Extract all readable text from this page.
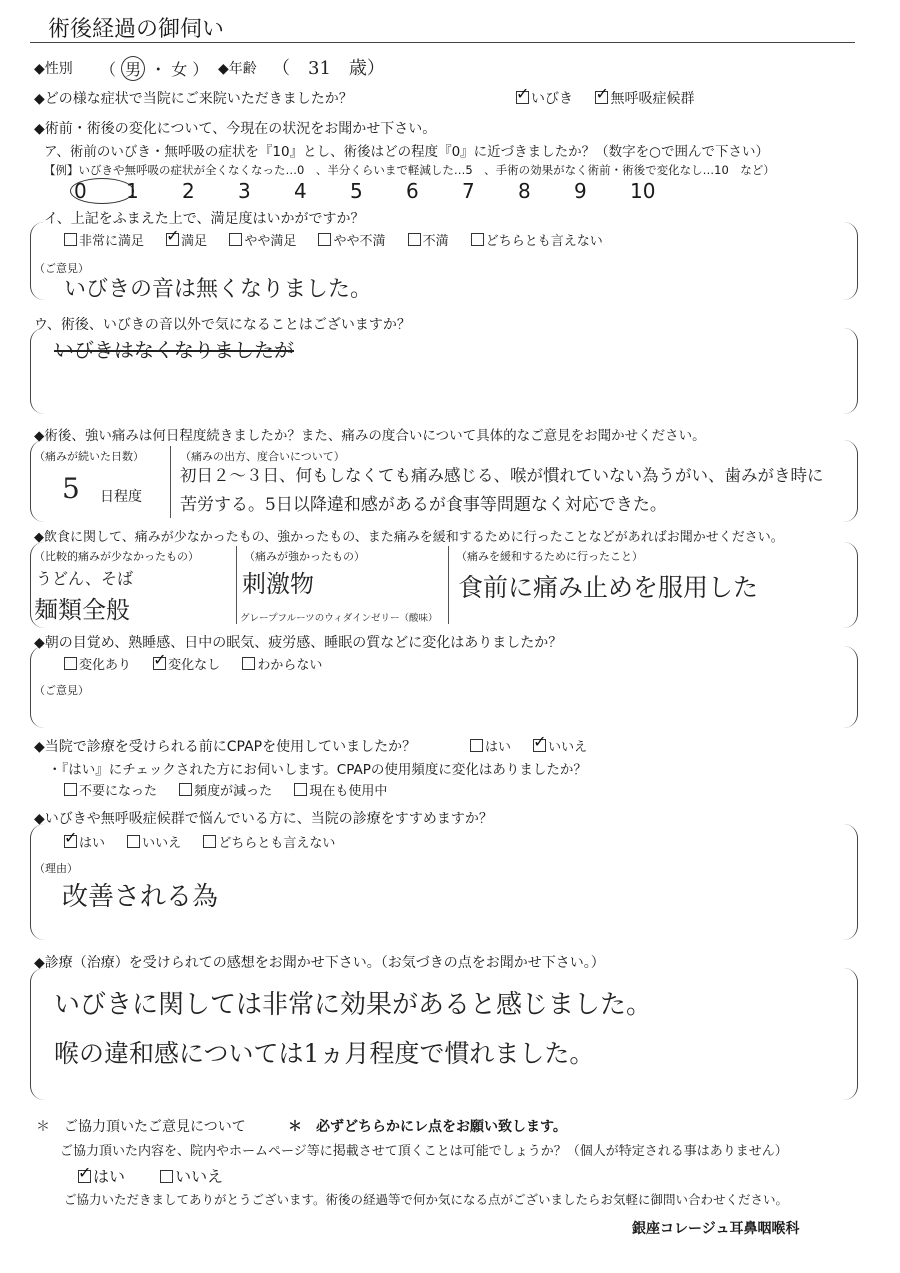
術後経過の御伺い
◆性別 （ 男 ・ 女 ） ◆年齢 （　31　歳）
◆どの様な症状で当院にご来院いただきましたか？ ✓	いびき ✓	無呼吸症候群
◆術前・術後の変化について、今現在の状況をお聞かせ下さい。
ア、術前のいびき・無呼吸の症状を『10』とし、術後はどの程度『0』に近づきましたか？（数字を○で囲んで下さい）
【例】いびきや無呼吸の症状が全くなくなった…0　、半分くらいまで軽減した…5　、手術の効果がなく術前・術後で変化なし…10　など）
0 1 2 3 4 5 6 7 8 9 10
イ、上記をふまえた上で、満足度はいかがですか？
非常に満足 ✓	満足	やや満足	やや不満	不満	どちらとも言えない
（ご意見）
いびきの音は無くなりました。
ウ、術後、いびきの音以外で気になることはございますか？
いびきはなくなりましたが
◆術後、強い痛みは何日程度続きましたか？また、痛みの度合いについて具体的なご意見をお聞かせください。
（痛みが続いた日数）
5 日程度
（痛みの出方、度合いについて）
初日２〜３日、何もしなくても痛み感じる、喉が慣れていない為うがい、歯みがき時に
苦労する。5日以降違和感があるが食事等問題なく対応できた。
◆飲食に関して、痛みが少なかったもの、強かったもの、また痛みを緩和するために行ったことなどがあればお聞かせください。
（比較的痛みが少なかったもの）
うどん、そば
麺類全般
（痛みが強かったもの）
刺激物
グレープフルーツのウィダインゼリー（酸味）
（痛みを緩和するために行ったこと）
食前に痛み止めを服用した
◆朝の目覚め、熟睡感、日中の眠気、疲労感、睡眠の質などに変化はありましたか？
変化あり ✓	変化なし	わからない
（ご意見）
◆当院で診療を受けられる前にCPAPを使用していましたか？	はい ✓	いいえ
・『はい』にチェックされた方にお伺いします。CPAPの使用頻度に変化はありましたか？
不要になった	頻度が減った	現在も使用中
◆いびきや無呼吸症候群で悩んでいる方に、当院の診療をすすめますか？
✓はい	いいえ	どちらとも言えない
（理由）
改善される為
◆診療（治療）を受けられての感想をお聞かせ下さい。（お気づきの点をお聞かせ下さい。）
いびきに関しては非常に効果があると感じました。
喉の違和感については1ヵ月程度で慣れました。
＊　ご協力頂いたご意見について	＊　必ずどちらかにレ点をお願い致します。
ご協力頂いた内容を、院内やホームページ等に掲載させて頂くことは可能でしょうか？（個人が特定される事はありません）
✓はい	いいえ
ご協力いただきましてありがとうございます。術後の経過等で何か気になる点がございましたらお気軽に御問い合わせください。
銀座コレージュ耳鼻咽喉科
